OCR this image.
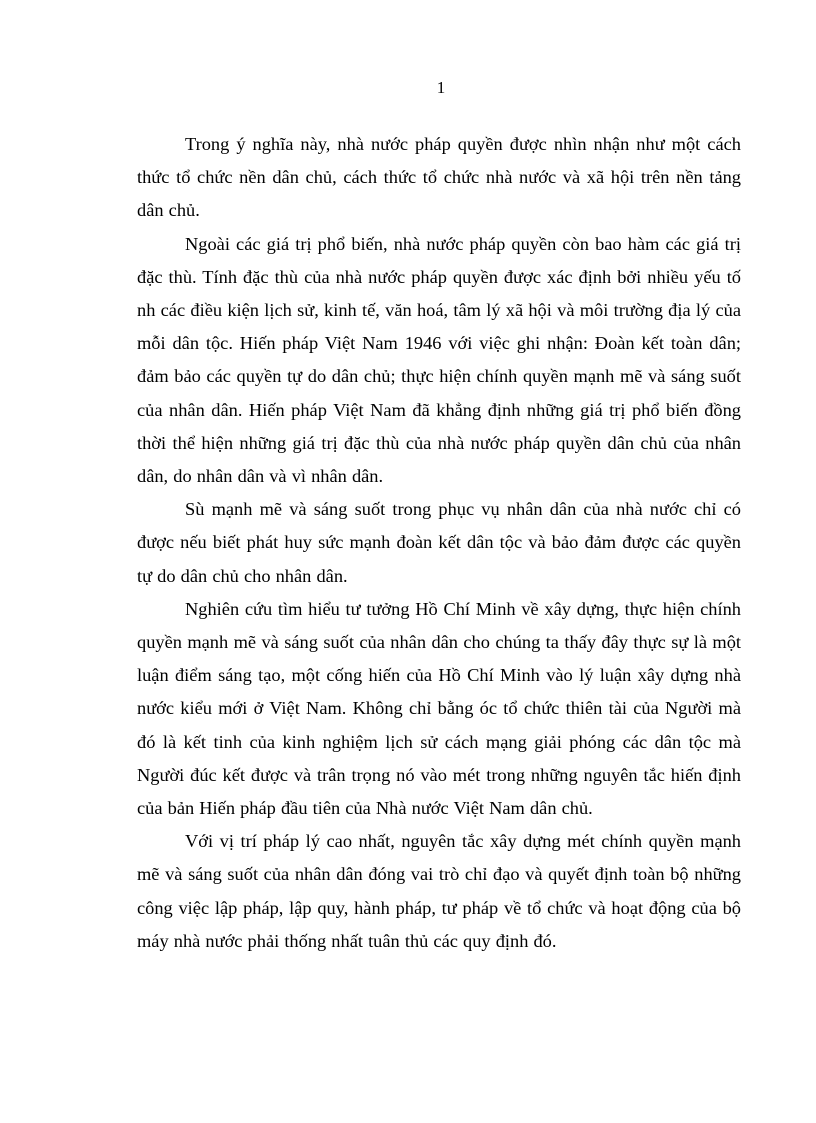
1

Trong ý nghĩa này, nhà nước pháp quyền được nhìn nhận như một cách thức tổ chức nền dân chủ, cách thức tổ chức nhà nước và xã hội trên nền tảng dân chủ.

Ngoài các giá trị phổ biến, nhà nước pháp quyền còn bao hàm các giá trị đặc thù. Tính đặc thù của nhà nước pháp quyền được xác định bởi nhiều yếu tố nh các điều kiện lịch sử, kinh tế, văn hoá, tâm lý xã hội và môi trường địa lý của mỗi dân tộc. Hiến pháp Việt Nam 1946 với việc ghi nhận: Đoàn kết toàn dân; đảm bảo các quyền tự do dân chủ; thực hiện chính quyền mạnh mẽ và sáng suốt của nhân dân. Hiến pháp Việt Nam đã khẳng định những giá trị phổ biến đồng thời thể hiện những giá trị đặc thù của nhà nước pháp quyền dân chủ của nhân dân, do nhân dân và vì nhân dân.

Sù mạnh mẽ và sáng suốt trong phục vụ nhân dân của nhà nước chỉ có được nếu biết phát huy sức mạnh đoàn kết dân tộc và bảo đảm được các quyền tự do dân chủ cho nhân dân.

Nghiên cứu tìm hiểu tư tưởng Hồ Chí Minh về xây dựng, thực hiện chính quyền mạnh mẽ và sáng suốt của nhân dân cho chúng ta thấy đây thực sự là một luận điểm sáng tạo, một cống hiến của Hồ Chí Minh vào lý luận xây dựng nhà nước kiểu mới ở Việt Nam. Không chỉ bằng óc tổ chức thiên tài của Người mà đó là kết tinh của kinh nghiệm lịch sử cách mạng giải phóng các dân tộc mà Người đúc kết được và trân trọng nó vào mét trong những nguyên tắc hiến định của bản Hiến pháp đầu tiên của Nhà nước Việt Nam dân chủ.

Với vị trí pháp lý cao nhất, nguyên tắc xây dựng mét chính quyền mạnh mẽ và sáng suốt của nhân dân đóng vai trò chỉ đạo và quyết định toàn bộ những công việc lập pháp, lập quy, hành pháp, tư pháp về tổ chức và hoạt động của bộ máy nhà nước phải thống nhất tuân thủ các quy định đó.
